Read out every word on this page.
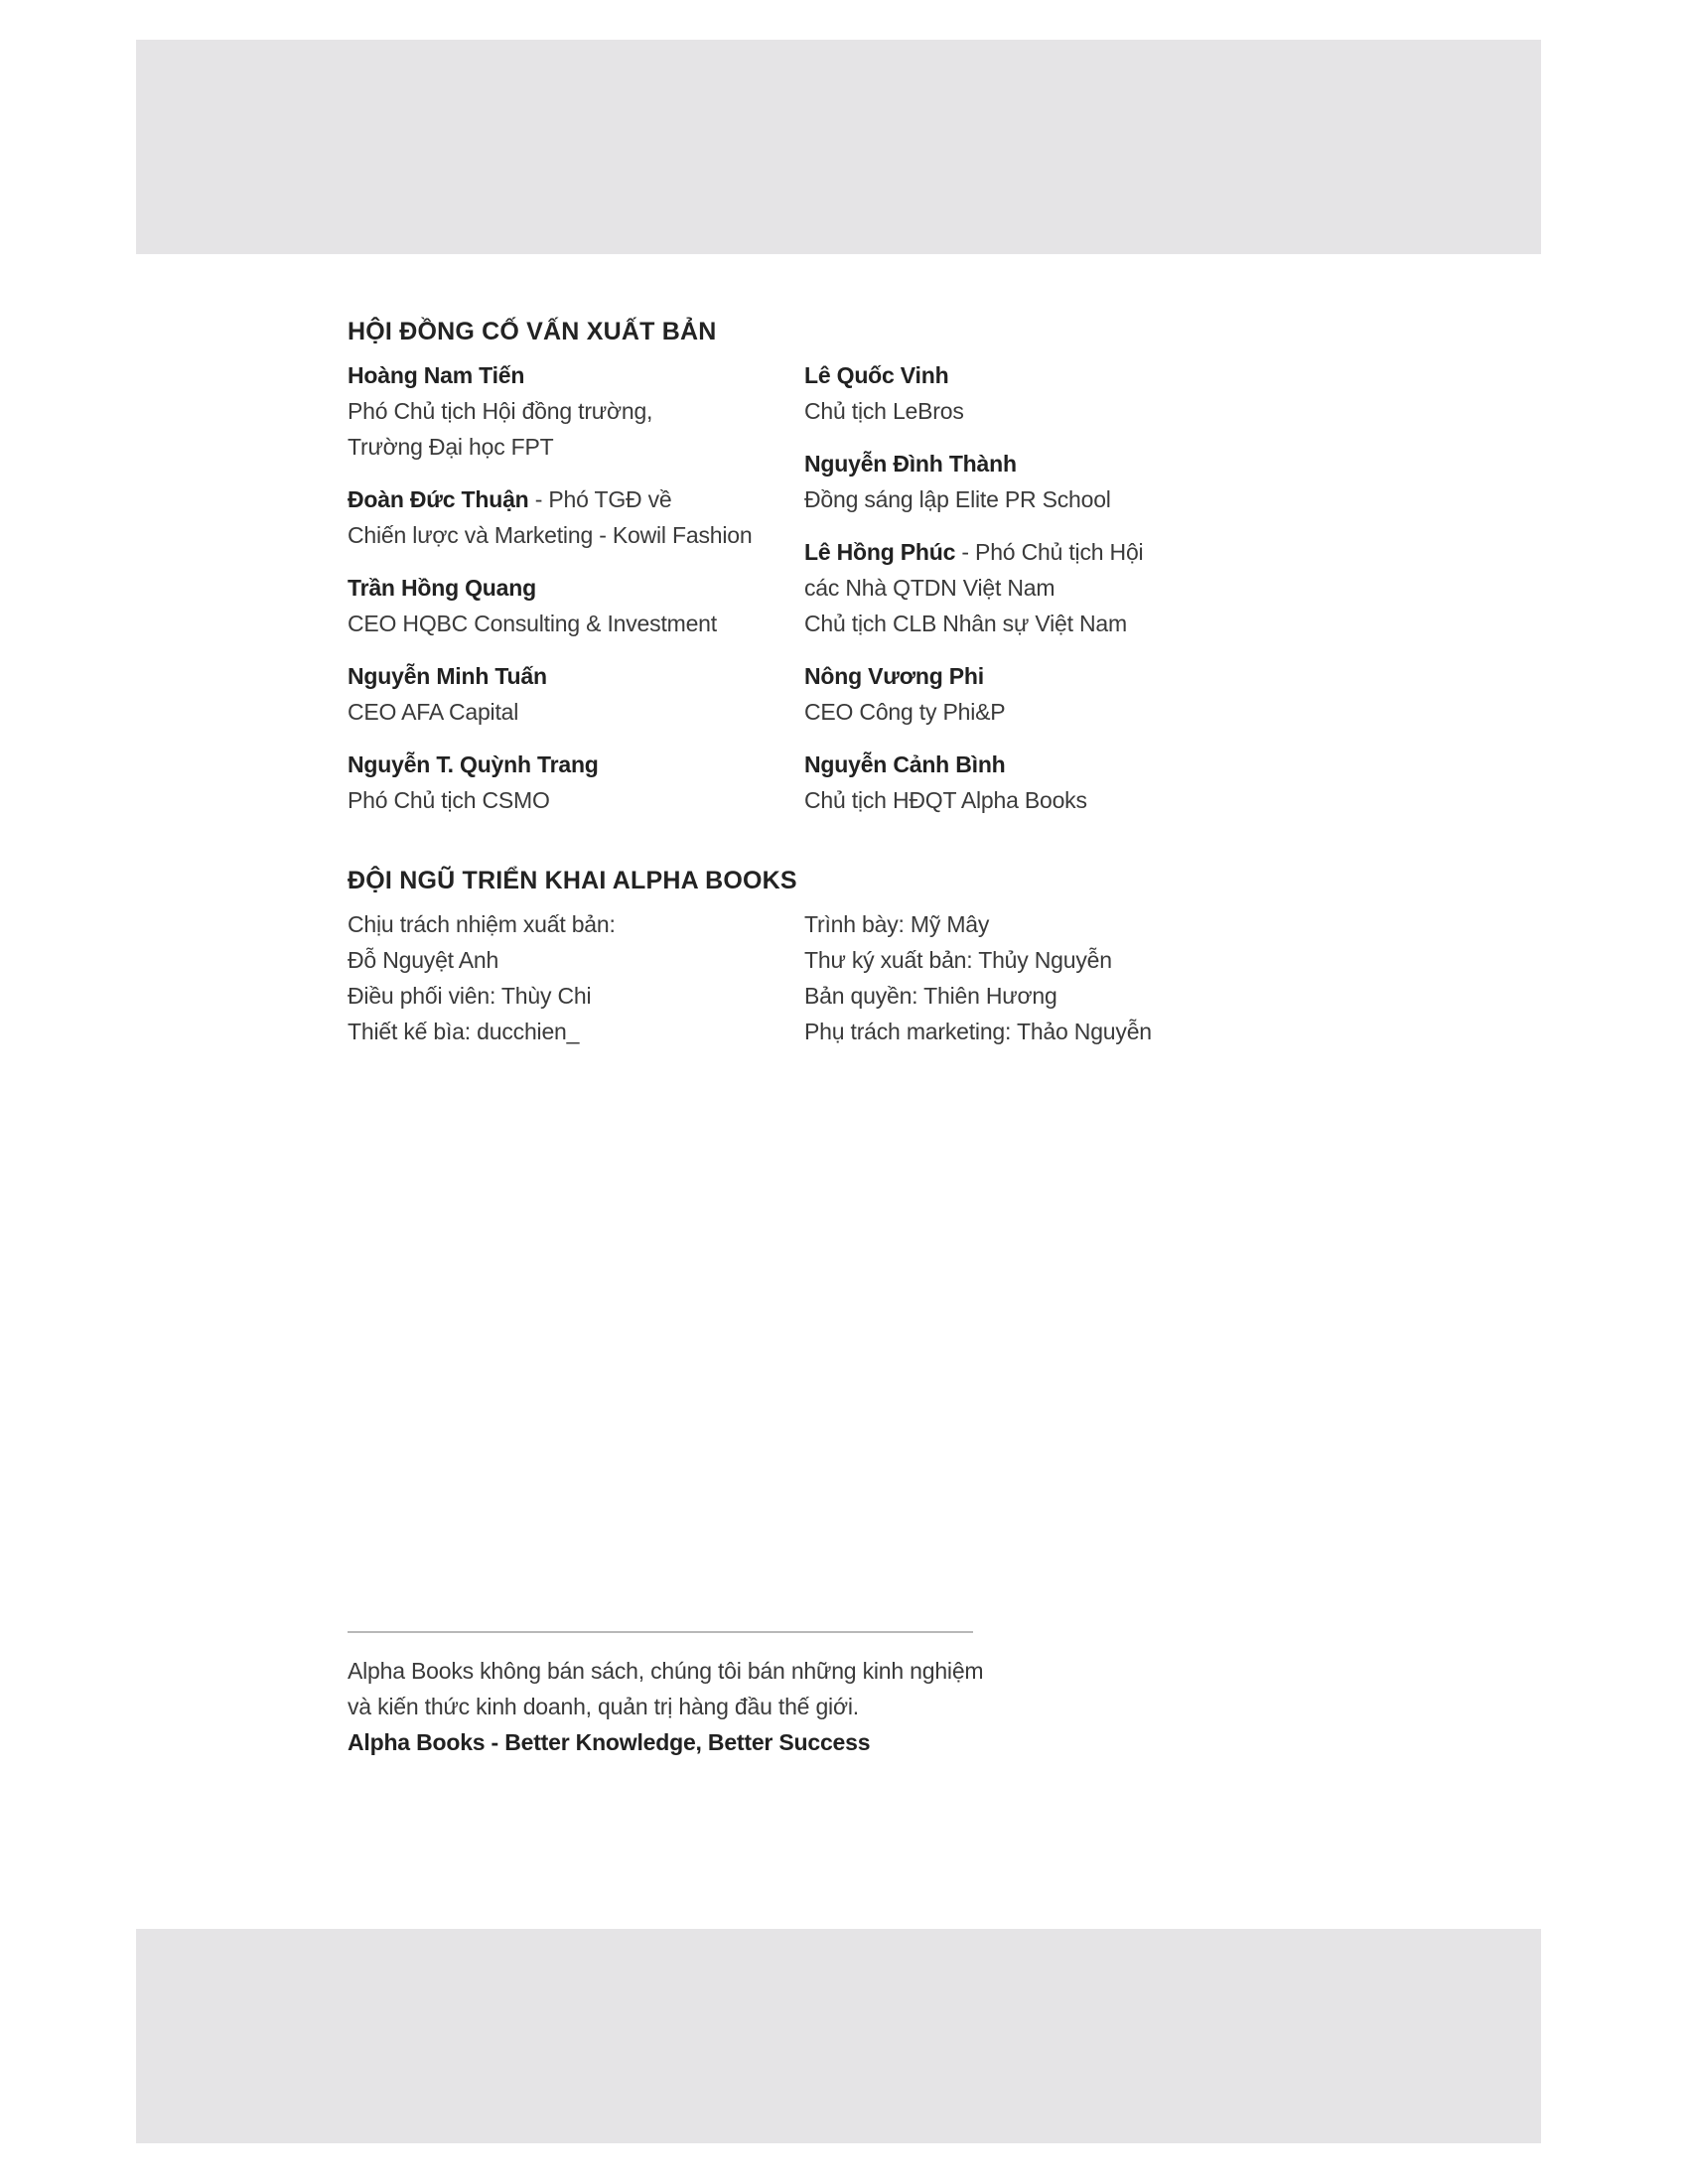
HỘI ĐỒNG CỐ VẤN XUẤT BẢN
Hoàng Nam Tiến
Phó Chủ tịch Hội đồng trường,
Trường Đại học FPT
Đoàn Đức Thuận - Phó TGĐ về
Chiến lược và Marketing - Kowil Fashion
Trần Hồng Quang
CEO HQBC Consulting & Investment
Nguyễn Minh Tuấn
CEO AFA Capital
Nguyễn T. Quỳnh Trang
Phó Chủ tịch CSMO
Lê Quốc Vinh
Chủ tịch LeBros
Nguyễn Đình Thành
Đồng sáng lập Elite PR School
Lê Hồng Phúc - Phó Chủ tịch Hội
các Nhà QTDN Việt Nam
Chủ tịch CLB Nhân sự Việt Nam
Nông Vương Phi
CEO Công ty Phi&P
Nguyễn Cảnh Bình
Chủ tịch HĐQT Alpha Books
ĐỘI NGŨ TRIỂN KHAI ALPHA BOOKS
Chịu trách nhiệm xuất bản:
Đỗ Nguyệt Anh
Điều phối viên: Thùy Chi
Thiết kế bìa: ducchien_
Trình bày: Mỹ Mây
Thư ký xuất bản: Thủy Nguyễn
Bản quyền: Thiên Hương
Phụ trách marketing: Thảo Nguyễn
Alpha Books không bán sách, chúng tôi bán những kinh nghiệm
và kiến thức kinh doanh, quản trị hàng đầu thế giới.
Alpha Books - Better Knowledge, Better Success
